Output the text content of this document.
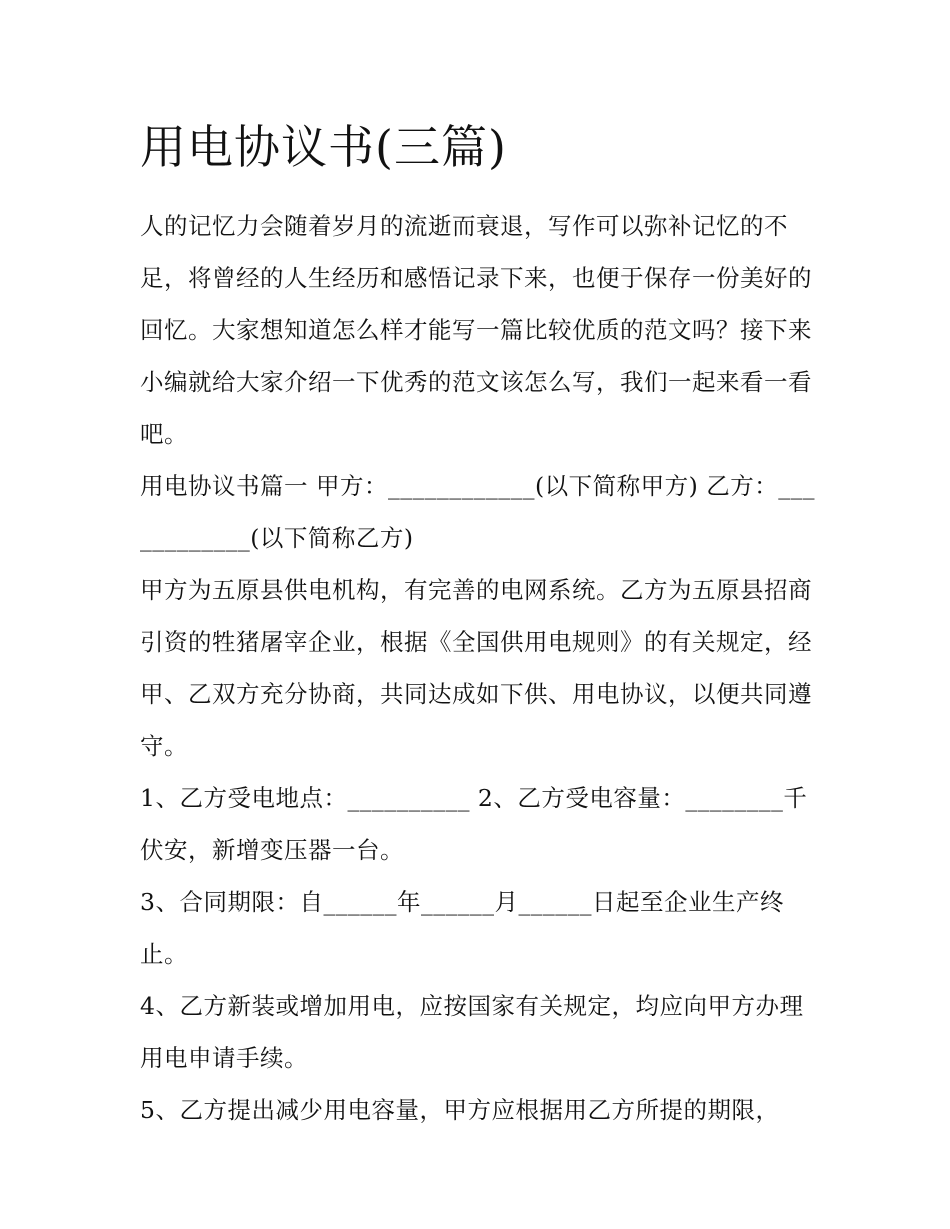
用电协议书(三篇)

人的记忆力会随着岁月的流逝而衰退，写作可以弥补记忆的不足，将曾经的人生经历和感悟记录下来，也便于保存一份美好的回忆。大家想知道怎么样才能写一篇比较优质的范文吗？接下来小编就给大家介绍一下优秀的范文该怎么写，我们一起来看一看吧。

用电协议书篇一 甲方：____________(以下简称甲方) 乙方：____________(以下简称乙方)

甲方为五原县供电机构，有完善的电网系统。乙方为五原县招商引资的牲猪屠宰企业，根据《全国供用电规则》的有关规定，经甲、乙双方充分协商，共同达成如下供、用电协议，以便共同遵守。

1、乙方受电地点：__________ 2、乙方受电容量：________千伏安，新增变压器一台。

3、合同期限：自______年______月______日起至企业生产终止。

4、乙方新装或增加用电，应按国家有关规定，均应向甲方办理用电申请手续。

5、乙方提出减少用电容量，甲方应根据用乙方所提的期限，
